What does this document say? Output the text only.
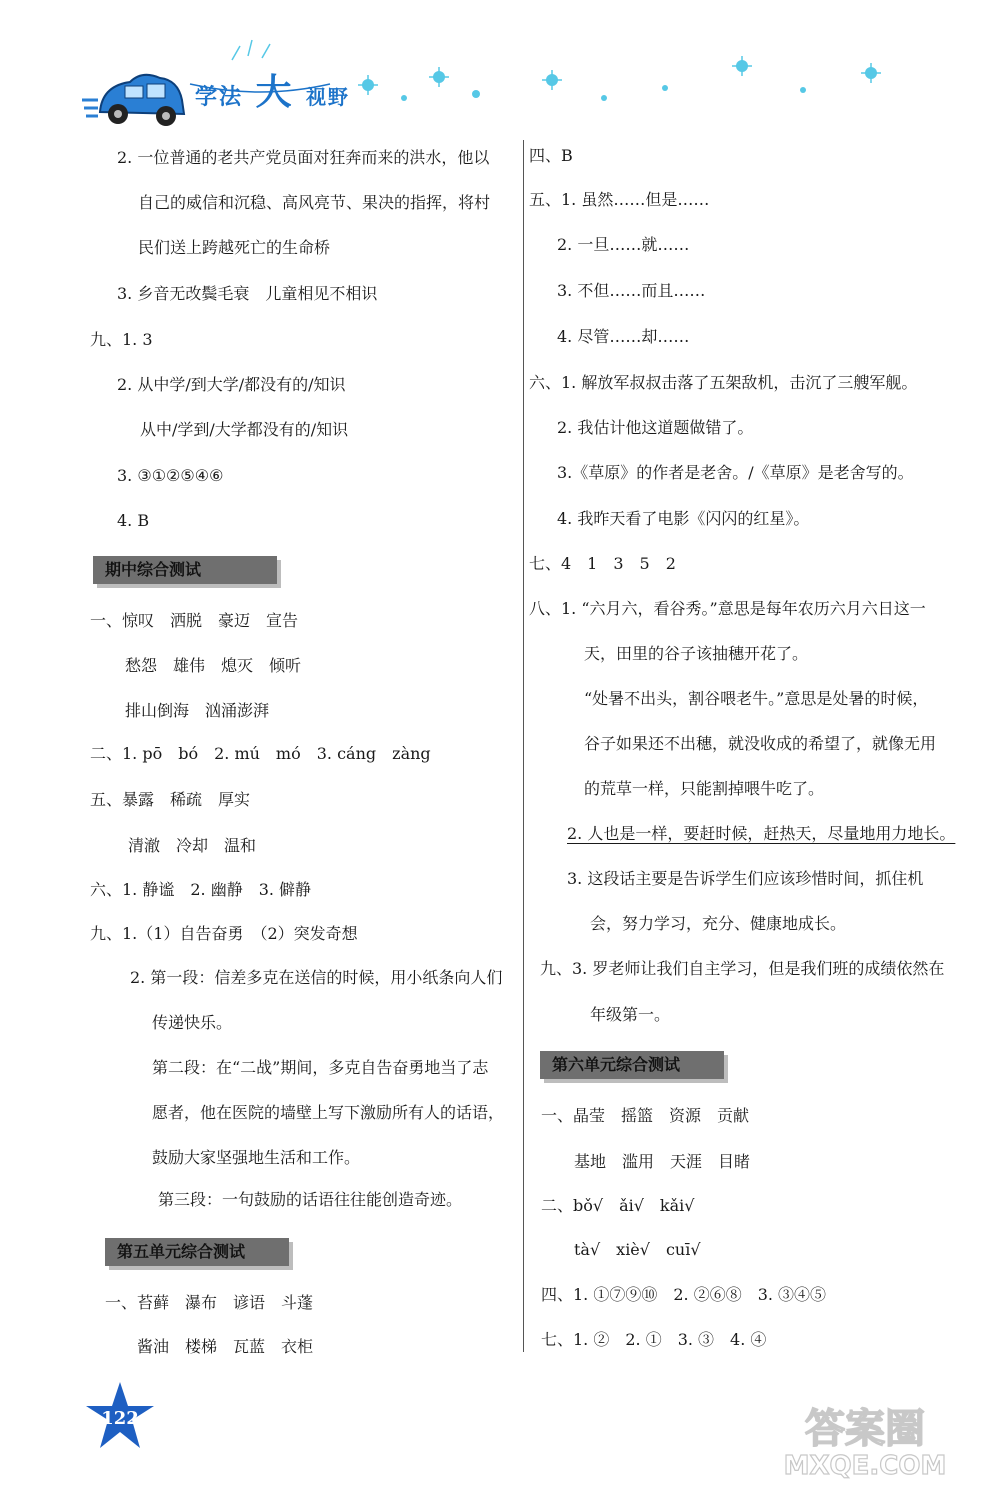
学法 大 视野
2. 一位普通的老共产党员面对狂奔而来的洪水，他以
自己的威信和沉稳、高风亮节、果决的指挥，将村
民们送上跨越死亡的生命桥
3. 乡音无改鬓毛衰　儿童相见不相识
九、1. 3
2. 从中学/到大学/都没有的/知识
从中/学到/大学都没有的/知识
3. ③①②⑤④⑥
4. B
一、惊叹　洒脱　豪迈　宣告
愁怨　雄伟　熄灭　倾听
排山倒海　汹涌澎湃
二、1. pō　bó　2. mú　mó　3. cáng　zàng
五、暴露　稀疏　厚实
清澈　冷却　温和
六、1. 静谧　2. 幽静　3. 僻静
九、1.（1）自告奋勇　（2）突发奇想
2. 第一段：信差多克在送信的时候，用小纸条向人们
传递快乐。
第二段：在“二战”期间，多克自告奋勇地当了志
愿者，他在医院的墙壁上写下激励所有人的话语，
鼓励大家坚强地生活和工作。
第三段：一句鼓励的话语往往能创造奇迹。
一、苔藓　瀑布　谚语　斗蓬
酱油　楼梯　瓦蓝　衣柜
四、B
五、1. 虽然……但是……
2. 一旦……就……
3. 不但……而且……
4. 尽管……却……
六、1. 解放军叔叔击落了五架敌机，击沉了三艘军舰。
2. 我估计他这道题做错了。
3.《草原》的作者是老舍。/《草原》是老舍写的。
4. 我昨天看了电影《闪闪的红星》。
七、4　1　3　5　2
八、1. “六月六，看谷秀。”意思是每年农历六月六日这一
天，田里的谷子该抽穗开花了。
“处暑不出头，割谷喂老牛。”意思是处暑的时候，
谷子如果还不出穗，就没收成的希望了，就像无用
的荒草一样，只能割掉喂牛吃了。
2. 人也是一样，要赶时候，赶热天，尽量地用力地长。
3. 这段话主要是告诉学生们应该珍惜时间，抓住机
会，努力学习，充分、健康地成长。
九、3. 罗老师让我们自主学习，但是我们班的成绩依然在
年级第一。
一、晶莹　摇篮　资源　贡献
基地　滥用　天涯　目睹
二、bǒ√　ǎi√　kǎi√
tà√　xiè√　cuī√
四、1. ①⑦⑨⑩　2. ②⑥⑧　3. ③④⑤
七、1. ②　2. ①　3. ③　4. ④
期中综合测试
第五单元综合测试
第六单元综合测试
122	答案圈
MXQE.COM
